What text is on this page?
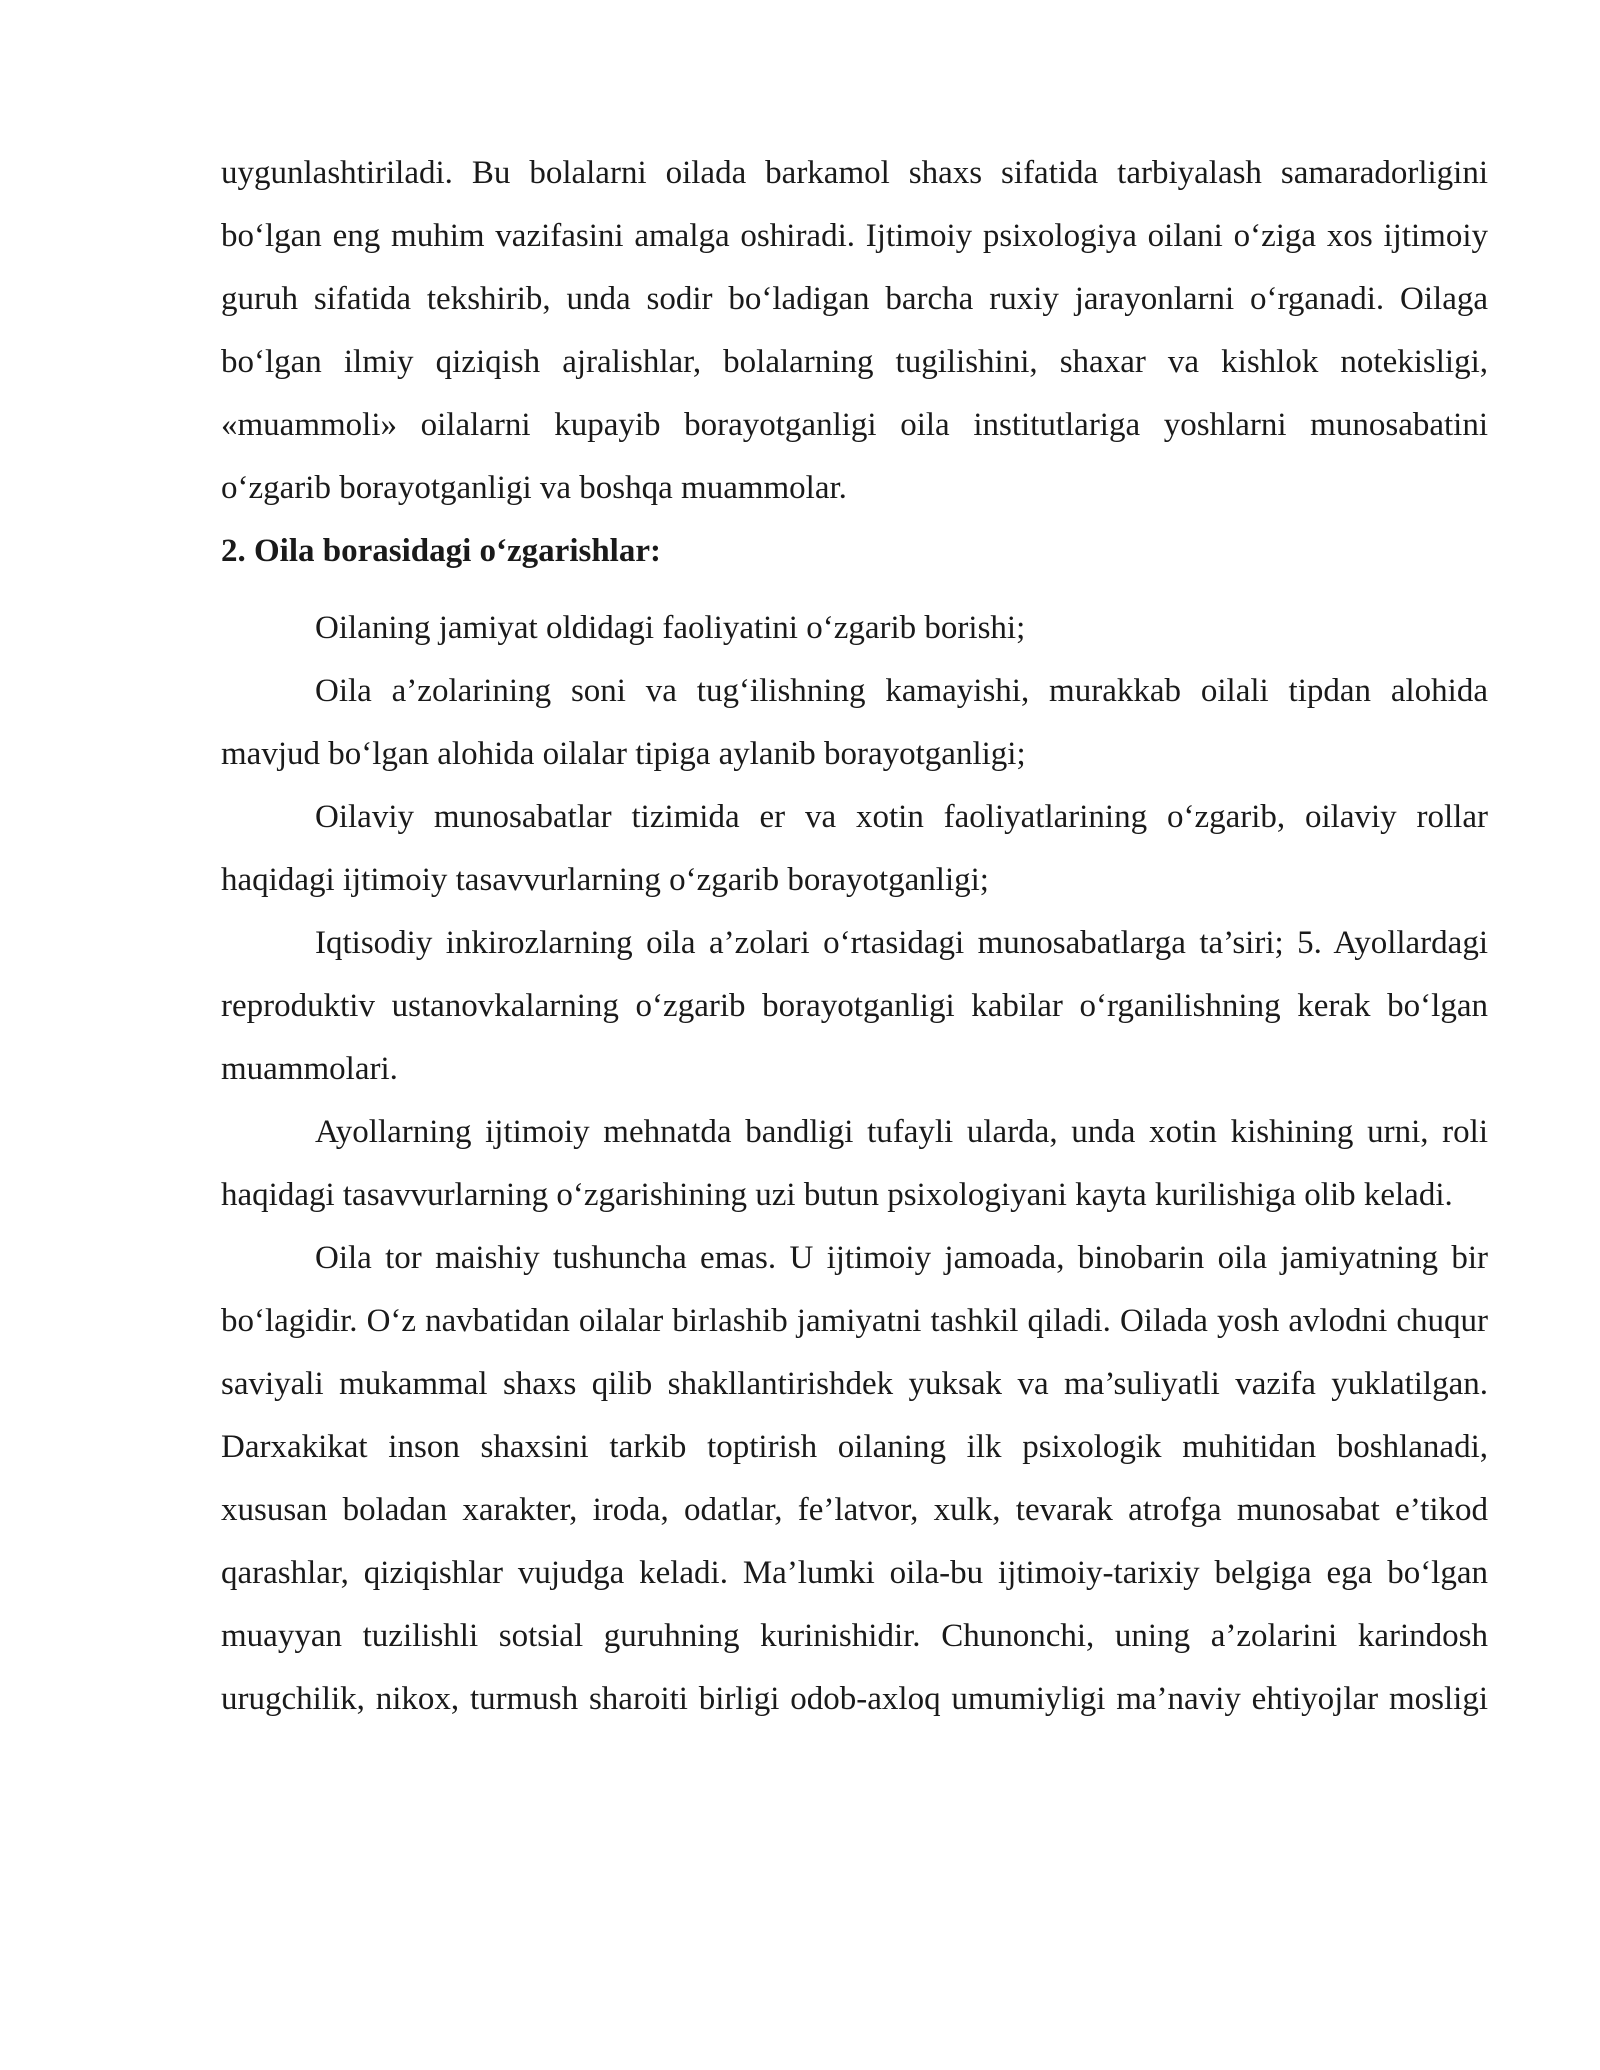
uygunlashtiriladi. Bu bolalarni oilada barkamol shaxs sifatida tarbiyalash samaradorligini bo‘lgan eng muhim vazifasini amalga oshiradi. Ijtimoiy psixologiya oilani o‘ziga xos ijtimoiy guruh sifatida tekshirib, unda sodir bo‘ladigan barcha ruxiy jarayonlarni o‘rganadi. Oilaga bo‘lgan ilmiy qiziqish ajralishlar, bolalarning tugilishini, shaxar va kishlok notekisligi, «muammoli» oilalarni kupayib borayotganligi oila institutlariga yoshlarni munosabatini o‘zgarib borayotganligi va boshqa muammolar.

2. Oila borasidagi o‘zgarishlar:

Oilaning jamiyat oldidagi faoliyatini o‘zgarib borishi;

Oila a’zolarining soni va tug‘ilishning kamayishi, murakkab oilali tipdan alohida mavjud bo‘lgan alohida oilalar tipiga aylanib borayotganligi;

Oilaviy munosabatlar tizimida er va xotin faoliyatlarining o‘zgarib, oilaviy rollar haqidagi ijtimoiy tasavvurlarning o‘zgarib borayotganligi;

Iqtisodiy inkirozlarning oila a’zolari o‘rtasidagi munosabatlarga ta’siri; 5. Ayollardagi reproduktiv ustanovkalarning o‘zgarib borayotganligi kabilar o‘rganilishning kerak bo‘lgan muammolari.

Ayollarning ijtimoiy mehnatda bandligi tufayli ularda, unda xotin kishining urni, roli haqidagi tasavvurlarning o‘zgarishining uzi butun psixologiyani kayta kurilishiga olib keladi.

Oila tor maishiy tushuncha emas. U ijtimoiy jamoada, binobarin oila jamiyatning bir bo‘lagidir. O‘z navbatidan oilalar birlashib jamiyatni tashkil qiladi. Oilada yosh avlodni chuqur saviyali mukammal shaxs qilib shakllantirishdek yuksak va ma’suliyatli vazifa yuklatilgan. Darxakikat inson shaxsini tarkib toptirish oilaning ilk psixologik muhitidan boshlanadi, xususan boladan xarakter, iroda, odatlar, fe’latvor, xulk, tevarak atrofga munosabat e’tikod qarashlar, qiziqishlar vujudga keladi. Ma’lumki oila-bu ijtimoiy-tarixiy belgiga ega bo‘lgan muayyan tuzilishli sotsial guruhning kurinishidir. Chunonchi, uning a’zolarini karindosh urugchilik, nikox, turmush sharoiti birligi odob-axloq umumiyligi ma’naviy ehtiyojlar mosligi
